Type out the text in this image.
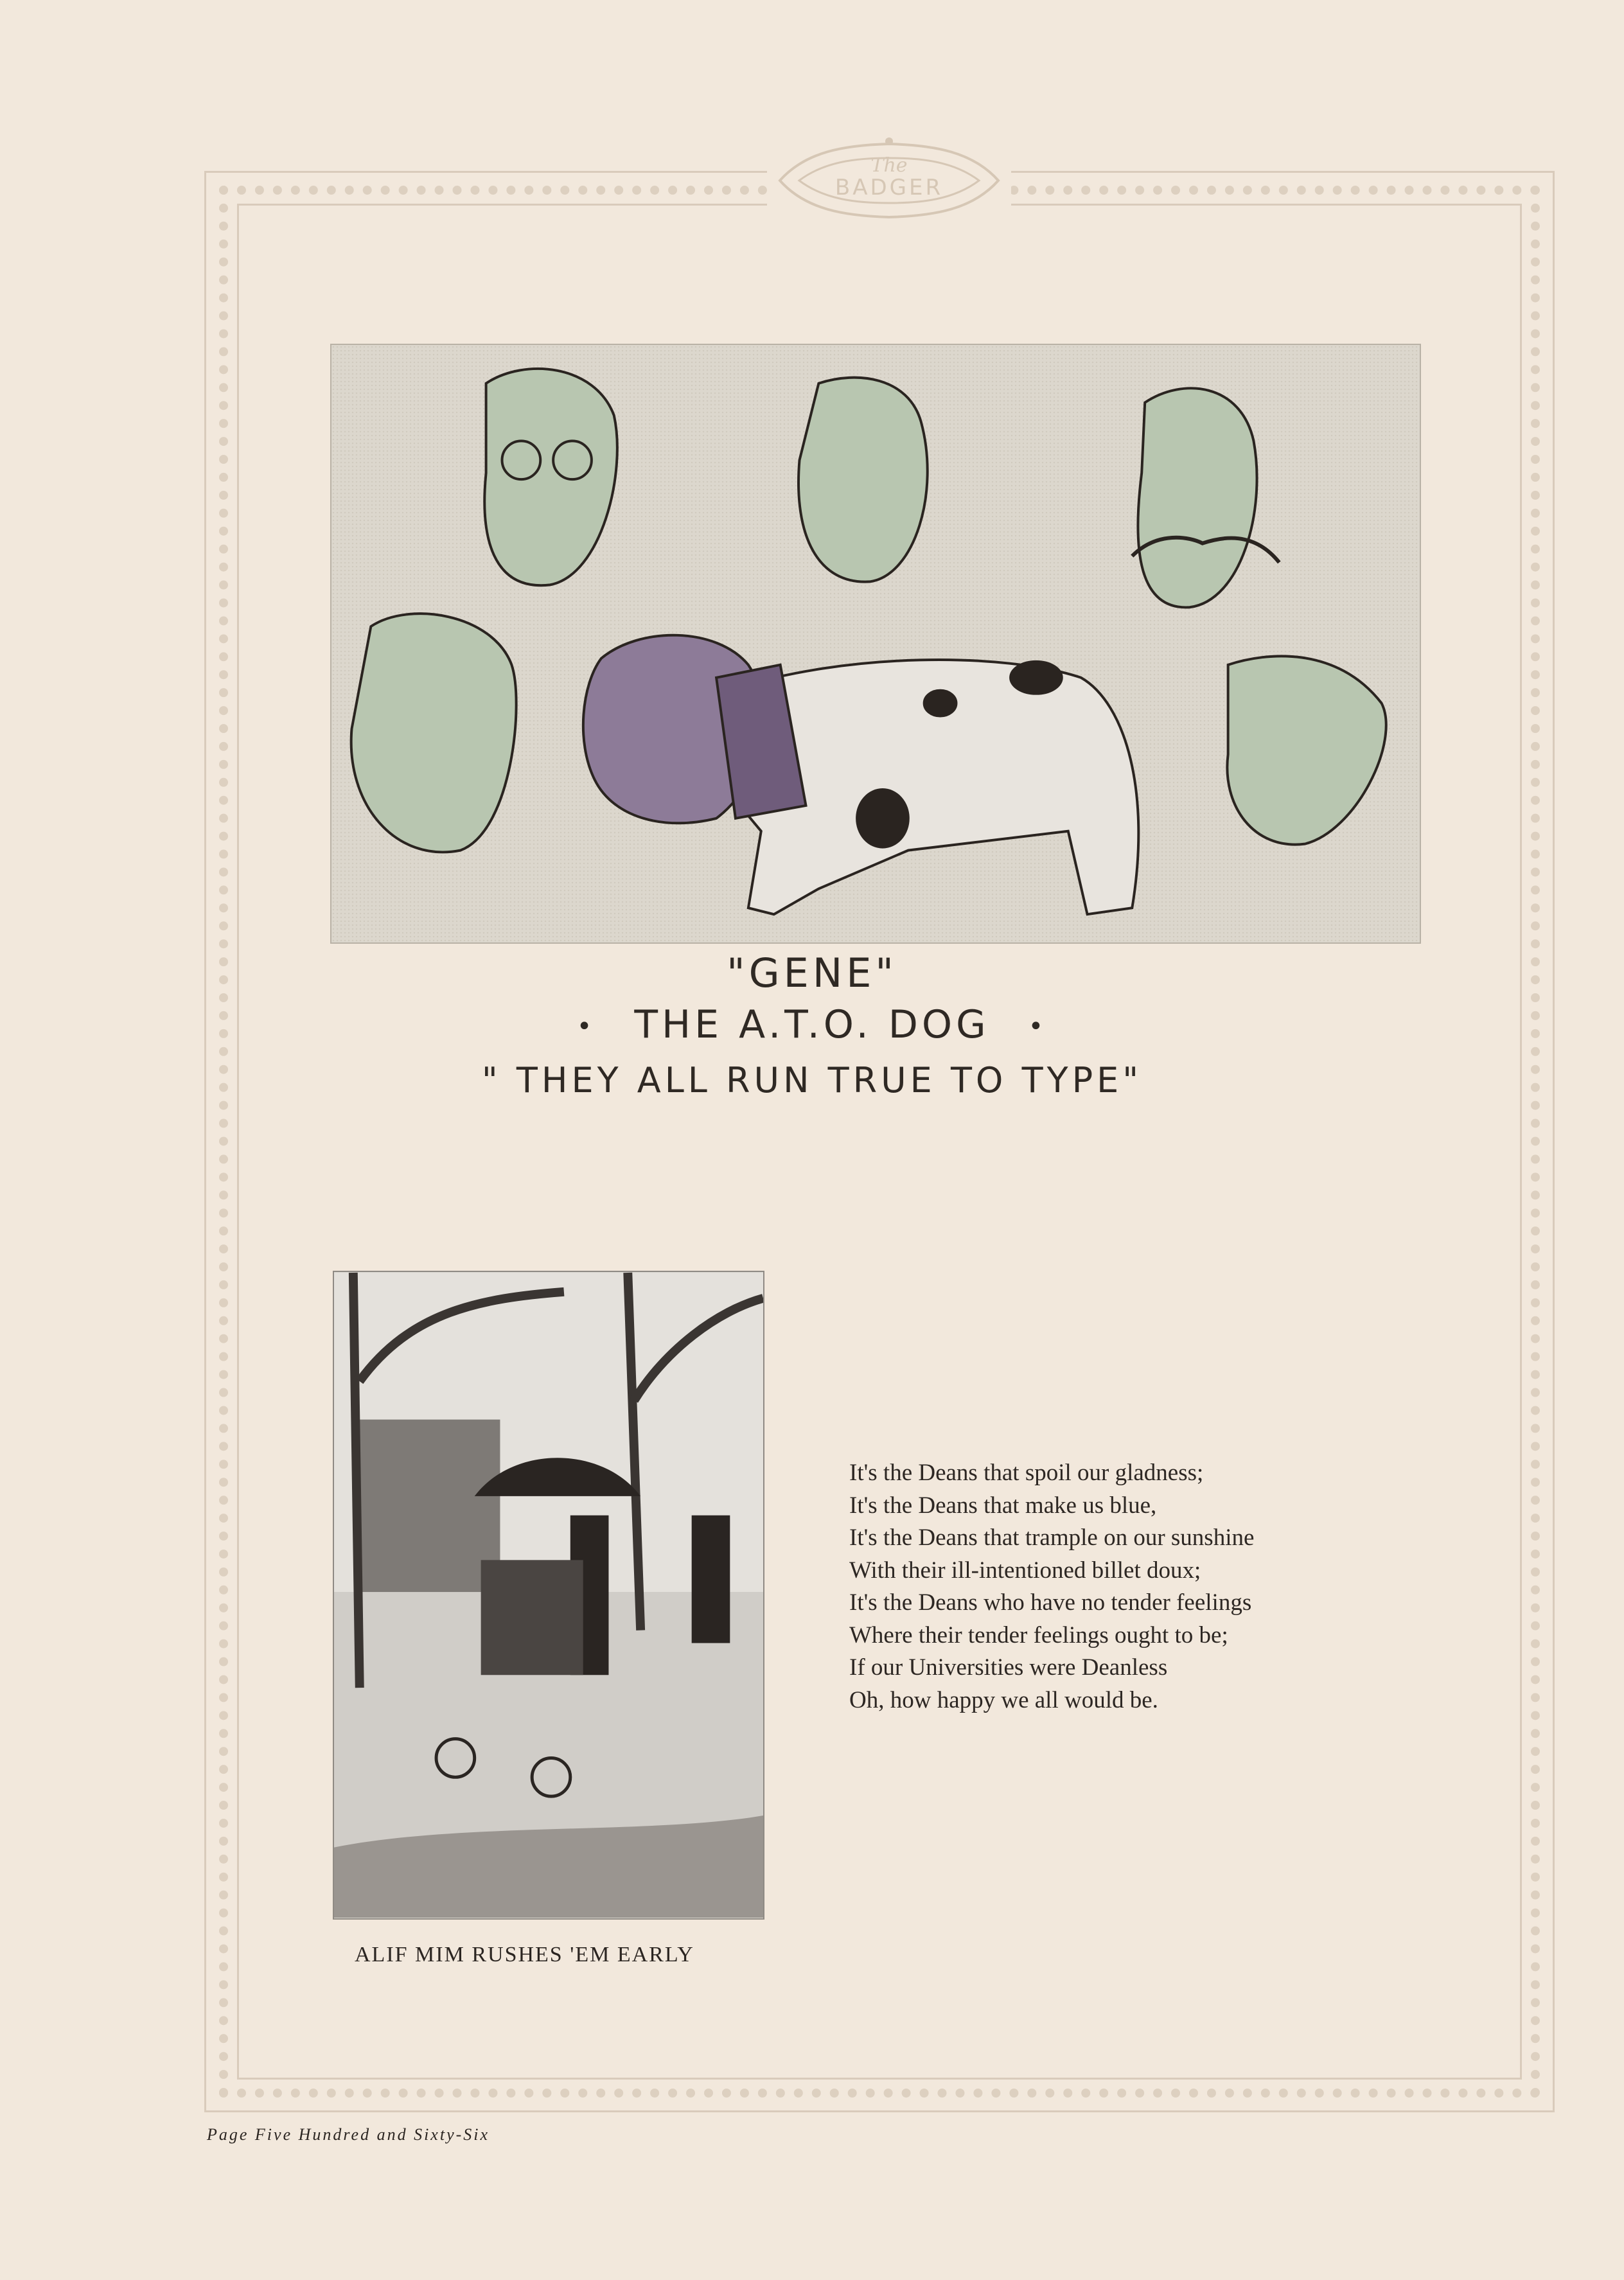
The
BADGER
"GENE"
• THE A.T.O. DOG •
" THEY ALL RUN TRUE TO TYPE"
ALIF MIM RUSHES 'EM EARLY
It's the Deans that spoil our gladness;
It's the Deans that make us blue,
It's the Deans that trample on our sunshine
With their ill-intentioned billet doux;
It's the Deans who have no tender feelings
Where their tender feelings ought to be;
If our Universities were Deanless
Oh, how happy we all would be.
Page Five Hundred and Sixty-Six
